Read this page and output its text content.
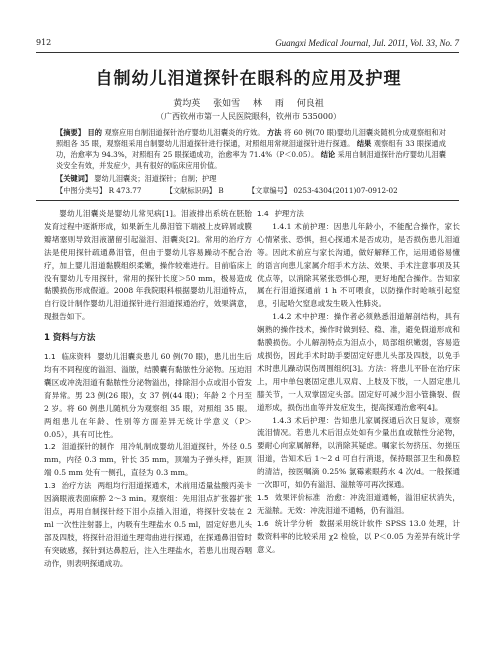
912	Guangxi Medical Journal, Jul. 2011, Vol. 33, No. 7
自制幼儿泪道探针在眼科的应用及护理
黄均英 张如雪 林 雨 何良祖
（广西钦州市第一人民医院眼科，钦州市 535000）
【摘要】 目的 观察应用自制泪道探针治疗婴幼儿泪囊炎的疗效。 方法 将 60 例(70 眼)婴幼儿泪囊炎随机分成观察组和对照组各 35 眼，观察组采用自制婴幼儿泪道探针进行探通，对照组用常规泪道探针进行探通。 结果 观察组有 33 眼探通成功，治愈率为 94.3%，对照组有 25 眼探通成功，治愈率为 71.4%（P＜0.05）。 结论 采用自制泪道探针治疗婴幼儿泪囊炎安全有效，并发症少，具有很好的临床应用价值。
【关键词】 婴幼儿泪囊炎；泪道探针；自制；护理
【中图分类号】 R 473.77	【文献标识码】 B	【文章编号】 0253-4304(2011)07-0912-02

婴幼儿泪囊炎是婴幼儿常见病[1]。泪液排出系统在胚胎发育过程中逐渐形成，如果新生儿鼻泪管下端被上皮碎屑或膜瓣堵塞则导致泪液潴留引起溢泪、泪囊炎[2]。常用的治疗方法是使用探针疏通鼻泪管，但由于婴幼儿容易躁动不配合治疗，加上婴儿泪道黏膜组织柔嫩，操作较难进行。目前临床上没有婴幼儿专用探针，常用的探针长度＞50 mm，极易造成黏膜损伤形成假道。2008 年我院眼科根据婴幼儿泪道特点，自行设计制作婴幼儿泪道探针进行泪道探通治疗，效果满意，现报告如下。

1 资料与方法

1.1 临床资料 婴幼儿泪囊炎患儿 60 例(70 眼)，患儿出生后均有不同程度的溢泪、溢脓，结膜囊有黏脓性分泌物。压迫泪囊区或冲洗泪道有黏脓性分泌物溢出，排除泪小点或泪小管发育异常。男 23 例(26 眼)，女 37 例(44 眼)；年龄 2 个月至 2 岁。将 60 例患儿随机分为观察组 35 眼，对照组 35 眼。两组患儿在年龄、性别等方面差异无统计学意义（P＞0.05），具有可比性。

1.2 泪道探针的制作 用冷轧制成婴幼儿泪道探针，外径 0.5 mm，内径 0.3 mm，针长 35 mm，顶端为子弹头样，距顶端 0.5 mm 处有一侧孔，直径为 0.3 mm。

1.3 治疗方法 两组均行泪道探通术，术前用适量盐酸丙美卡因滴眼液表面麻醉 2～3 min。观察组：先用泪点扩张器扩张泪点，再用自制探针经下泪小点插入泪道，将探针安装在 2 ml 一次性注射器上，内吸有生理盐水 0.5 ml，固定好患儿头部及四肢，将探针沿泪道生理弯曲进行探通，在探通鼻泪管时有突破感，探针到达鼻腔后，注入生理盐水，若患儿出现吞咽动作，则表明探通成功。

1.4 护理方法

1.4.1 术前护理：因患儿年龄小，不能配合操作，家长心情紧张、恐惧，担心探通术是否成功，是否损伤患儿泪道等。因此术前应与家长沟通，做好解释工作，运用通俗易懂的语言向患儿家属介绍手术方法、效果、手术注意事项及其优点等，以消除其紧张恐惧心理，更好地配合操作。告知家属在行泪道探通前 1 h 不可喂食，以防操作时呛咳引起窒息，引起哈欠窒息或发生吸入性肺炎。

1.4.2 术中护理：操作者必须熟悉泪道解剖结构，具有娴熟的操作技术，操作时做到轻、稳、准，避免假道形成和黏膜损伤。小儿解剖特点为泪点小，局部组织嫩弱，容易造成损伤，因此手术时助手要固定好患儿头部及四肢，以免手术时患儿躁动误伤周围组织[3]。方法：将患儿平卧在治疗床上，用中单包裹固定患儿双肩、上肢及下肢，一人固定患儿膝关节，一人双掌固定头部。固定好可减少泪小管撕裂、假道形成，损伤出血等并发症发生，提高探通治愈率[4]。

1.4.3 术后护理：告知患儿家属探通后次日复诊，观察流泪情况。若患儿术后泪点处如有少量出血或脓性分泌物，要耐心向家属解释，以消除其疑虑。嘱家长勿挤压、勿搓压泪道，告知术后 1～2 d 可自行消退，保持眼部卫生和鼻腔的清洁，按医嘱滴 0.25% 氯霉素眼药水 4 次/d。一般探通一次即可，如仍有溢泪、溢脓等可再次探通。

1.5 效果评价标准 治愈：冲洗泪道通畅，溢泪症状消失，无溢脓。无效：冲洗泪道不通畅，仍有溢泪。

1.6 统计学分析 数据采用统计软件 SPSS 13.0 处理，计数资料率的比较采用 χ2 检验，以 P＜0.05 为差异有统计学意义。
